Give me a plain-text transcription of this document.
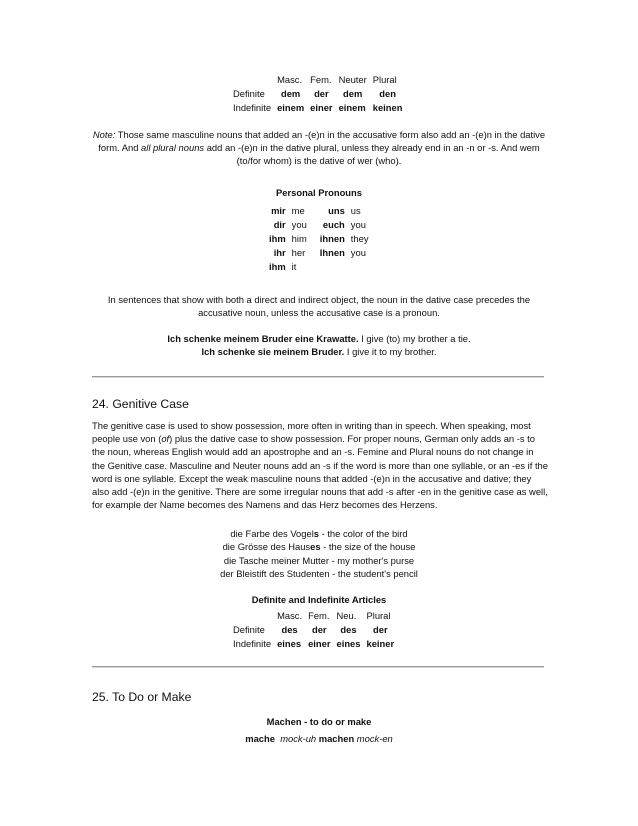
	Masc.	Fem.	Neuter	Plural
Definite	dem	der	dem	den
Indefinite	einem	einer	einem	keinen
Note: Those same masculine nouns that added an -(e)n in the accusative form also add an -(e)n in the dative form. And all plural nouns add an -(e)n in the dative plural, unless they already end in an -n or -s. And wem (to/for whom) is the dative of wer (who).
Personal Pronouns
mir	me	uns	us
dir	you	euch	you
ihm	him	ihnen	they
ihr	her	Ihnen	you
ihm	it		
In sentences that show with both a direct and indirect object, the noun in the dative case precedes the accusative noun, unless the accusative case is a pronoun.
Ich schenke meinem Bruder eine Krawatte. I give (to) my brother a tie.
Ich schenke sie meinem Bruder. I give it to my brother.
24. Genitive Case
The genitive case is used to show possession, more often in writing than in speech. When speaking, most people use von (of) plus the dative case to show possession. For proper nouns, German only adds an -s to the noun, whereas English would add an apostrophe and an -s. Femine and Plural nouns do not change in the Genitive case. Masculine and Neuter nouns add an -s if the word is more than one syllable, or an -es if the word is one syllable. Except the weak masculine nouns that added -(e)n in the accusative and dative; they also add -(e)n in the genitive. There are some irregular nouns that add -s after -en in the genitive case as well, for example der Name becomes des Namens and das Herz becomes des Herzens.
die Farbe des Vogels - the color of the bird
die Grösse des Hauses - the size of the house
die Tasche meiner Mutter - my mother's purse
der Bleistift des Studenten - the student's pencil
Definite and Indefinite Articles
	Masc.	Fem.	Neu.	Plural
Definite	des	der	des	der
Indefinite	eines	einer	eines	keiner
25. To Do or Make
Machen - to do or make
mache mock-uh machen mock-en
